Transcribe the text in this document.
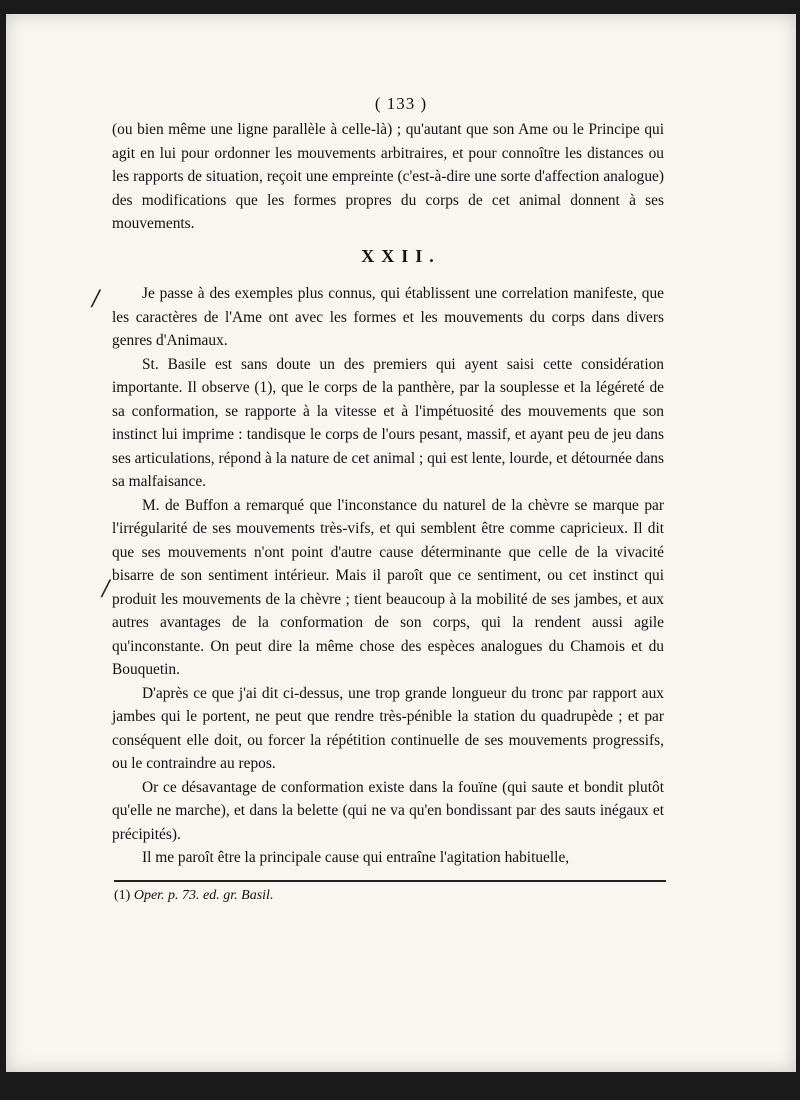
( 133 )

(ou bien même une ligne parallèle à celle-là) ; qu'autant que son Ame ou le Principe qui agit en lui pour ordonner les mouvements arbitraires, et pour connoître les distances ou les rapports de situation, reçoit une empreinte (c'est-à-dire une sorte d'affection analogue) des modifications que les formes propres du corps de cet animal donnent à ses mouvements.

XXII.
/
/

Je passe à des exemples plus connus, qui établissent une correlation manifeste, que les caractères de l'Ame ont avec les formes et les mouvements du corps dans divers genres d'Animaux.

St. Basile est sans doute un des premiers qui ayent saisi cette considération importante. Il observe (1), que le corps de la panthère, par la souplesse et la légéreté de sa conformation, se rapporte à la vitesse et à l'impétuosité des mouvements que son instinct lui imprime : tandisque le corps de l'ours pesant, massif, et ayant peu de jeu dans ses articulations, répond à la nature de cet animal ; qui est lente, lourde, et détournée dans sa malfaisance.

M. de Buffon a remarqué que l'inconstance du naturel de la chèvre se marque par l'irrégularité de ses mouvements très-vifs, et qui semblent être comme capricieux. Il dit que ses mouvements n'ont point d'autre cause déterminante que celle de la vivacité bisarre de son sentiment intérieur. Mais il paroît que ce sentiment, ou cet instinct qui produit les mouvements de la chèvre ; tient beaucoup à la mobilité de ses jambes, et aux autres avantages de la conformation de son corps, qui la rendent aussi agile qu'inconstante. On peut dire la même chose des espèces analogues du Chamois et du Bouquetin.

D'après ce que j'ai dit ci-dessus, une trop grande longueur du tronc par rapport aux jambes qui le portent, ne peut que rendre très-pénible la station du quadrupède ; et par conséquent elle doit, ou forcer la répétition continuelle de ses mouvements progressifs, ou le contraindre au repos.

Or ce désavantage de conformation existe dans la fouïne (qui saute et bondit plutôt qu'elle ne marche), et dans la belette (qui ne va qu'en bondissant par des sauts inégaux et précipités).

Il me paroît être la principale cause qui entraîne l'agitation habituelle,

(1) Oper. p. 73. ed. gr. Basil.
